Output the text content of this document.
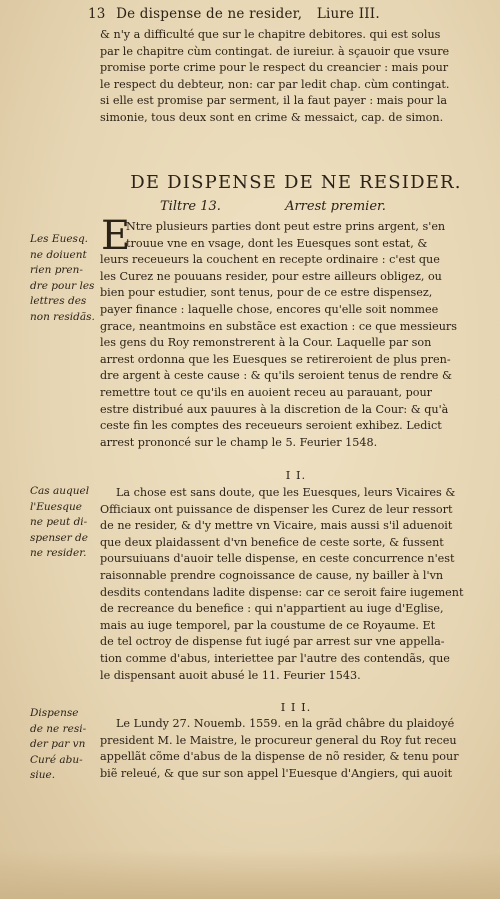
13 De dispense de ne resider, Liure III.
& n'y a difficulté que sur le chapitre debitores. qui est solus
par le chapitre cùm contingat. de iureiur. à sçauoir que vsure
promise porte crime pour le respect du creancier : mais pour
le respect du debteur, non: car par ledit chap. cùm contingat.
si elle est promise par serment, il la faut payer : mais pour la
simonie, tous deux sont en crime & messaict, cap. de simon.
DE DISPENSE DE NE RESIDER.
Tiltre 13.	Arrest premier.
E
Ntre plusieurs parties dont peut estre prins argent, s'en
trouue vne en vsage, dont les Euesques sont estat, &
leurs receueurs la couchent en recepte ordinaire : c'est que
les Curez ne pouuans resider, pour estre ailleurs obligez, ou
bien pour estudier, sont tenus, pour de ce estre dispensez,
payer finance : laquelle chose, encores qu'elle soit nommee
grace, neantmoins en substãce est exaction : ce que messieurs
les gens du Roy remonstrerent à la Cour. Laquelle par son
arrest ordonna que les Euesques se retireroient de plus pren-
dre argent à ceste cause : & qu'ils seroient tenus de rendre &
remettre tout ce qu'ils en auoient receu au parauant, pour
estre distribué aux pauures à la discretion de la Cour: & qu'à
ceste fin les comptes des receueurs seroient exhibez. Ledict
arrest prononcé sur le champ le 5. Feurier 1548.
I I.
La chose est sans doute, que les Euesques, leurs Vicaires &
Officiaux ont puissance de dispenser les Curez de leur ressort
de ne resider, & d'y mettre vn Vicaire, mais aussi s'il aduenoit
que deux plaidassent d'vn benefice de ceste sorte, & fussent
poursuiuans d'auoir telle dispense, en ceste concurrence n'est
raisonnable prendre cognoissance de cause, ny bailler à l'vn
desdits contendans ladite dispense: car ce seroit faire iugement
de recreance du benefice : qui n'appartient au iuge d'Eglise,
mais au iuge temporel, par la coustume de ce Royaume. Et
de tel octroy de dispense fut iugé par arrest sur vne appella-
tion comme d'abus, interiettee par l'autre des contendãs, que
le dispensant auoit abusé le 11. Feurier 1543.
I I I.
Le Lundy 27. Nouemb. 1559. en la grãd châbre du plaidoyé
president M. le Maistre, le procureur general du Roy fut receu
appellãt cõme d'abus de la dispense de nõ resider, & tenu pour
biẽ releué, & que sur son appel l'Euesque d'Angiers, qui auoit
Les Euesq.
ne doiuent
rien pren-
dre pour les
lettres des
non residãs.
Cas auquel
l'Euesque
ne peut di-
spenser de
ne resider.
Dispense
de ne resi-
der par vn
Curé abu-
siue.
